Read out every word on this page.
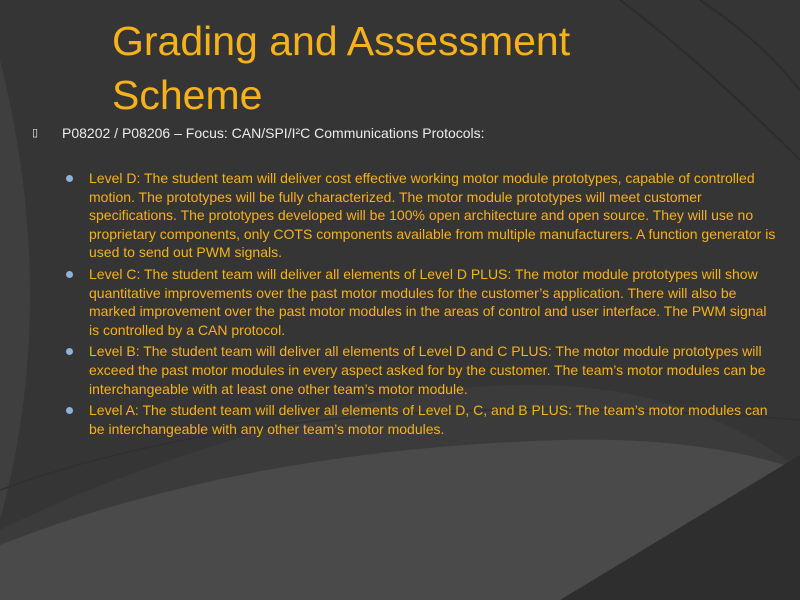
Grading and Assessment Scheme
▯ P08202 / P08206 – Focus: CAN/SPI/I²C Communications Protocols:
Level D: The student team will deliver cost effective working motor module prototypes, capable of controlled motion. The prototypes will be fully characterized. The motor module prototypes will meet customer specifications. The prototypes developed will be 100% open architecture and open source. They will use no proprietary components, only COTS components available from multiple manufacturers. A function generator is used to send out PWM signals.
Level C: The student team will deliver all elements of Level D PLUS: The motor module prototypes will show quantitative improvements over the past motor modules for the customer’s application. There will also be marked improvement over the past motor modules in the areas of control and user interface. The PWM signal is controlled by a CAN protocol.
Level B: The student team will deliver all elements of Level D and C PLUS: The motor module prototypes will exceed the past motor modules in every aspect asked for by the customer. The team’s motor modules can be interchangeable with at least one other team’s motor module.
Level A: The student team will deliver all elements of Level D, C, and B PLUS: The team’s motor modules can be interchangeable with any other team’s motor modules.
